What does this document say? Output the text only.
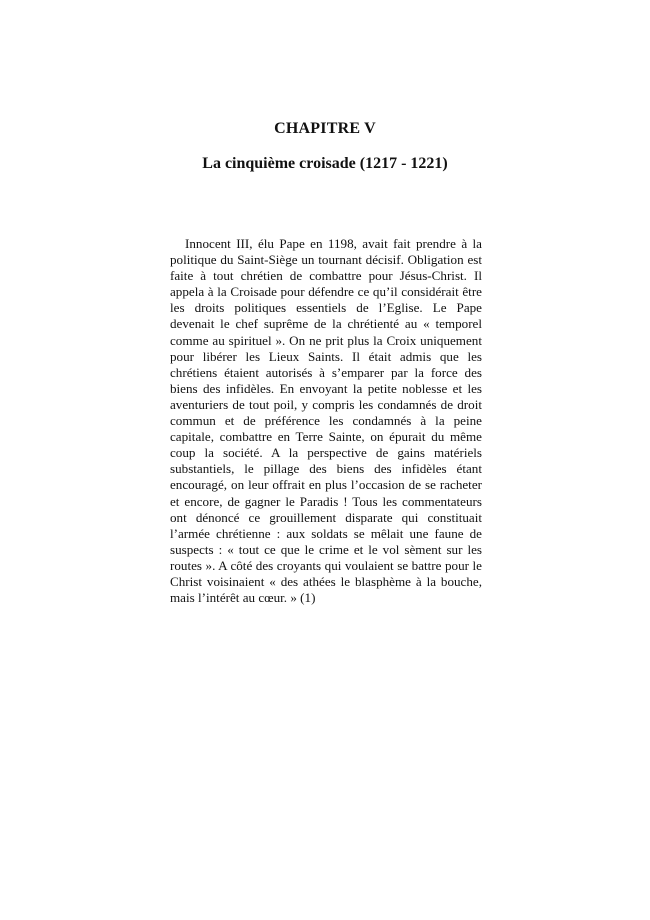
CHAPITRE V
La cinquième croisade (1217 - 1221)

Innocent III, élu Pape en 1198, avait fait prendre à la politique du Saint-Siège un tournant décisif. Obligation est faite à tout chrétien de combattre pour Jésus-Christ. Il appela à la Croisade pour défendre ce qu’il considérait être les droits politiques essentiels de l’Eglise. Le Pape devenait le chef suprême de la chrétienté au « temporel comme au spirituel ». On ne prit plus la Croix uniquement pour libérer les Lieux Saints. Il était admis que les chrétiens étaient autorisés à s’emparer par la force des biens des infidèles. En envoyant la petite noblesse et les aventuriers de tout poil, y compris les condamnés de droit commun et de préférence les condamnés à la peine capitale, combattre en Terre Sainte, on épurait du même coup la société. A la perspective de gains matériels substantiels, le pillage des biens des infidèles étant encouragé, on leur offrait en plus l’occasion de se racheter et encore, de gagner le Paradis ! Tous les commentateurs ont dénoncé ce grouillement disparate qui constituait l’armée chrétienne : aux soldats se mêlait une faune de suspects : « tout ce que le crime et le vol sèment sur les routes ». A côté des croyants qui voulaient se battre pour le Christ voisinaient « des athées le blasphème à la bouche, mais l’intérêt au cœur. » (1)
